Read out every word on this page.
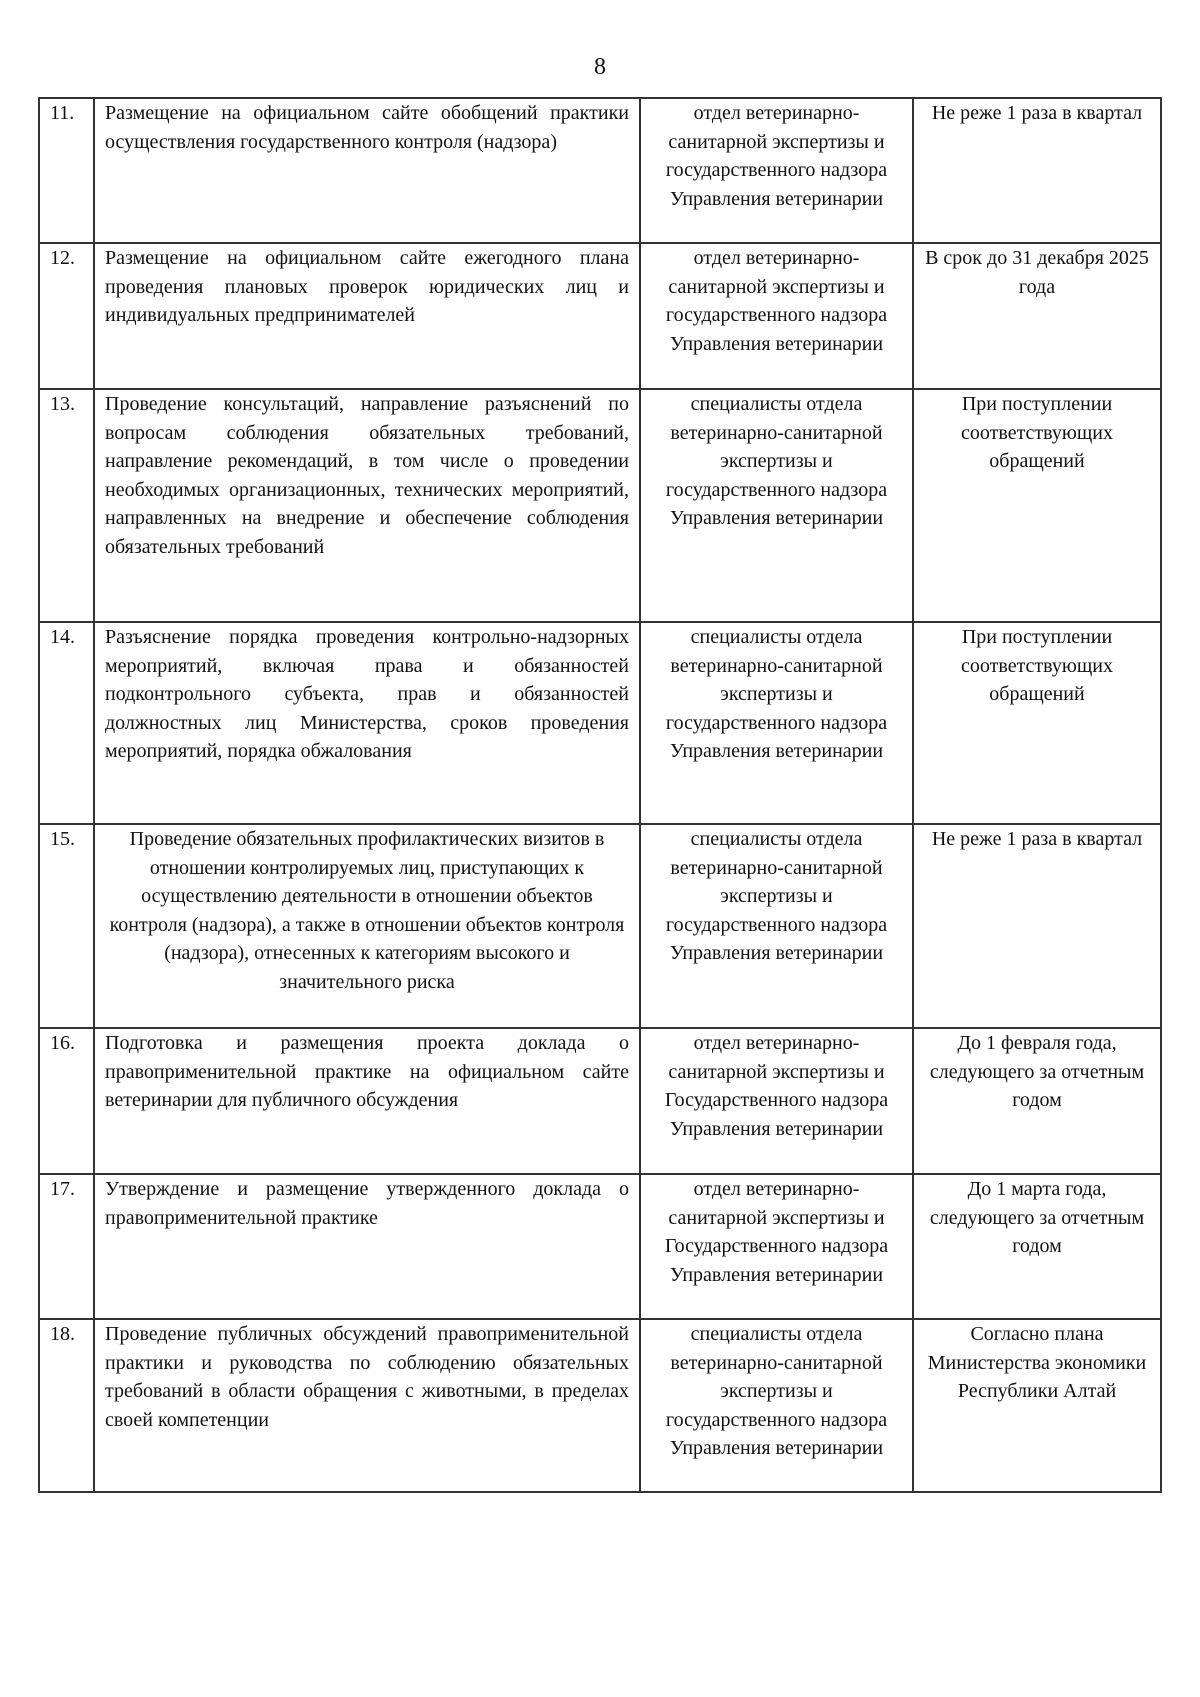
8
11.	Размещение на официальном сайте обобщений практики осуществления государственного контроля (надзора)	отдел ветеринарно-санитарной экспертизы и государственного надзора Управления ветеринарии	Не реже 1 раза в квартал
12.	Размещение на официальном сайте ежегодного плана проведения плановых проверок юридических лиц и индивидуальных предпринимателей	отдел ветеринарно-санитарной экспертизы и государственного надзора Управления ветеринарии	В срок до 31 декабря 2025 года
13.	Проведение консультаций, направление разъяснений по вопросам соблюдения обязательных требований, направление рекомендаций, в том числе о проведении необходимых организационных, технических мероприятий, направленных на внедрение и обеспечение соблюдения обязательных требований	специалисты отдела ветеринарно-санитарной экспертизы и государственного надзора Управления ветеринарии	При поступлении соответствующих обращений
14.	Разъяснение порядка проведения контрольно-надзорных мероприятий, включая права и обязанностей подконтрольного субъекта, прав и обязанностей должностных лиц Министерства, сроков проведения мероприятий, порядка обжалования	специалисты отдела ветеринарно-санитарной экспертизы и государственного надзора Управления ветеринарии	При поступлении соответствующих обращений
15.	Проведение обязательных профилактических визитов в отношении контролируемых лиц, приступающих к осуществлению деятельности в отношении объектов контроля (надзора), а также в отношении объектов контроля (надзора), отнесенных к категориям высокого и значительного риска	специалисты отдела ветеринарно-санитарной экспертизы и государственного надзора Управления ветеринарии	Не реже 1 раза в квартал
16.	Подготовка и размещения проекта доклада о правоприменительной практике на официальном сайте ветеринарии для публичного обсуждения	отдел ветеринарно-санитарной экспертизы и Государственного надзора Управления ветеринарии	До 1 февраля года, следующего за отчетным годом
17.	Утверждение и размещение утвержденного доклада о правоприменительной практике	отдел ветеринарно-санитарной экспертизы и Государственного надзора Управления ветеринарии	До 1 марта года, следующего за отчетным годом
18.	Проведение публичных обсуждений правоприменительной практики и руководства по соблюдению обязательных требований в области обращения с животными, в пределах своей компетенции	специалисты отдела ветеринарно-санитарной экспертизы и государственного надзора Управления ветеринарии	Согласно плана Министерства экономики Республики Алтай
